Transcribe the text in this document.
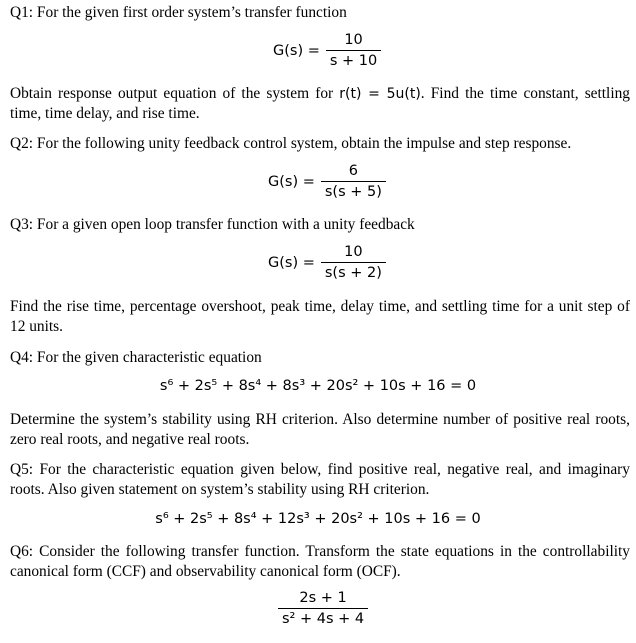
Q1: For the given first order system’s transfer function
$G(s) = \frac{10}{s + 10}$
Obtain response output equation of the system for r(t) = 5u(t). Find the time constant, settling time, time delay, and rise time.
Q2: For the following unity feedback control system, obtain the impulse and step response.
$G(s) = \frac{6}{s(s + 5)}$
Q3: For a given open loop transfer function with a unity feedback
$G(s) = \frac{10}{s(s + 2)}$
Find the rise time, percentage overshoot, peak time, delay time, and settling time for a unit step of 12 units.
Q4: For the given characteristic equation
s⁶ + 2s⁵ + 8s⁴ + 8s³ + 20s² + 10s + 16 = 0
Determine the system’s stability using RH criterion. Also determine number of positive real roots, zero real roots, and negative real roots.
Q5: For the characteristic equation given below, find positive real, negative real, and imaginary roots. Also given statement on system’s stability using RH criterion.
s⁶ + 2s⁵ + 8s⁴ + 12s³ + 20s² + 10s + 16 = 0
Q6: Consider the following transfer function. Transform the state equations in the controllability canonical form (CCF) and observability canonical form (OCF).
$\frac{2s + 1}{\text{s² + 4s + 4}}$
